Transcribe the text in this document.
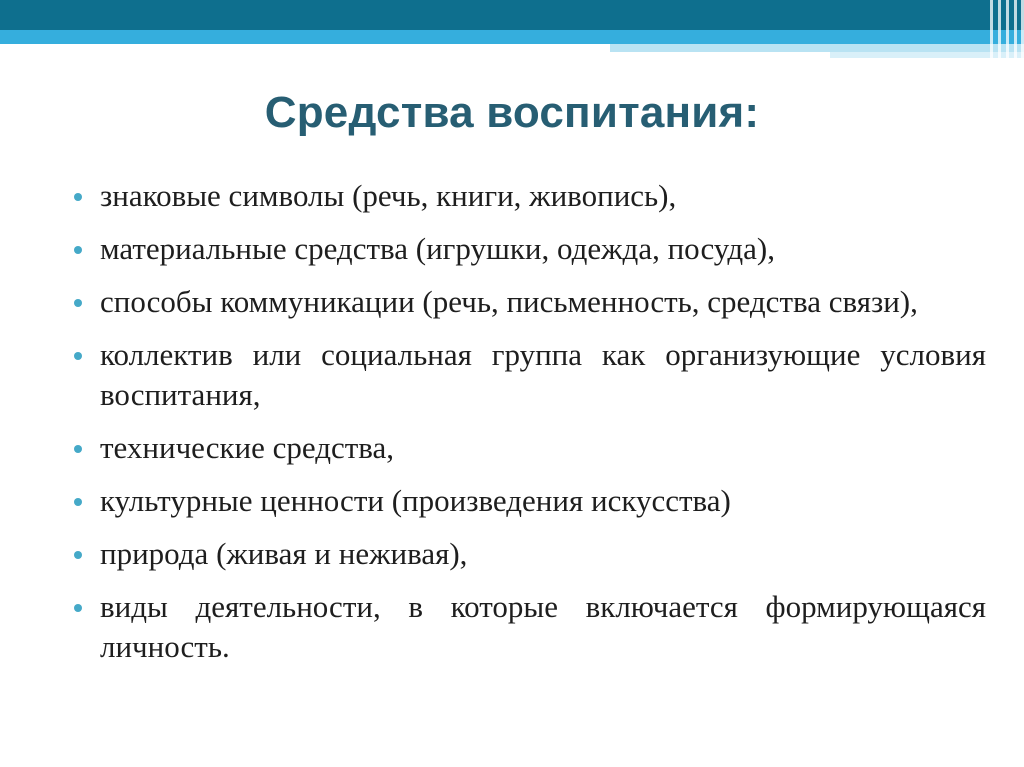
Средства воспитания:
знаковые символы (речь, книги, живопись),
материальные средства (игрушки, одежда, посуда),
способы коммуникации (речь, письменность, средства связи),
коллектив или социальная группа как организующие условия воспитания,
технические средства,
культурные ценности (произведения искусства)
природа (живая и неживая),
виды деятельности, в которые включается формирующаяся личность.
